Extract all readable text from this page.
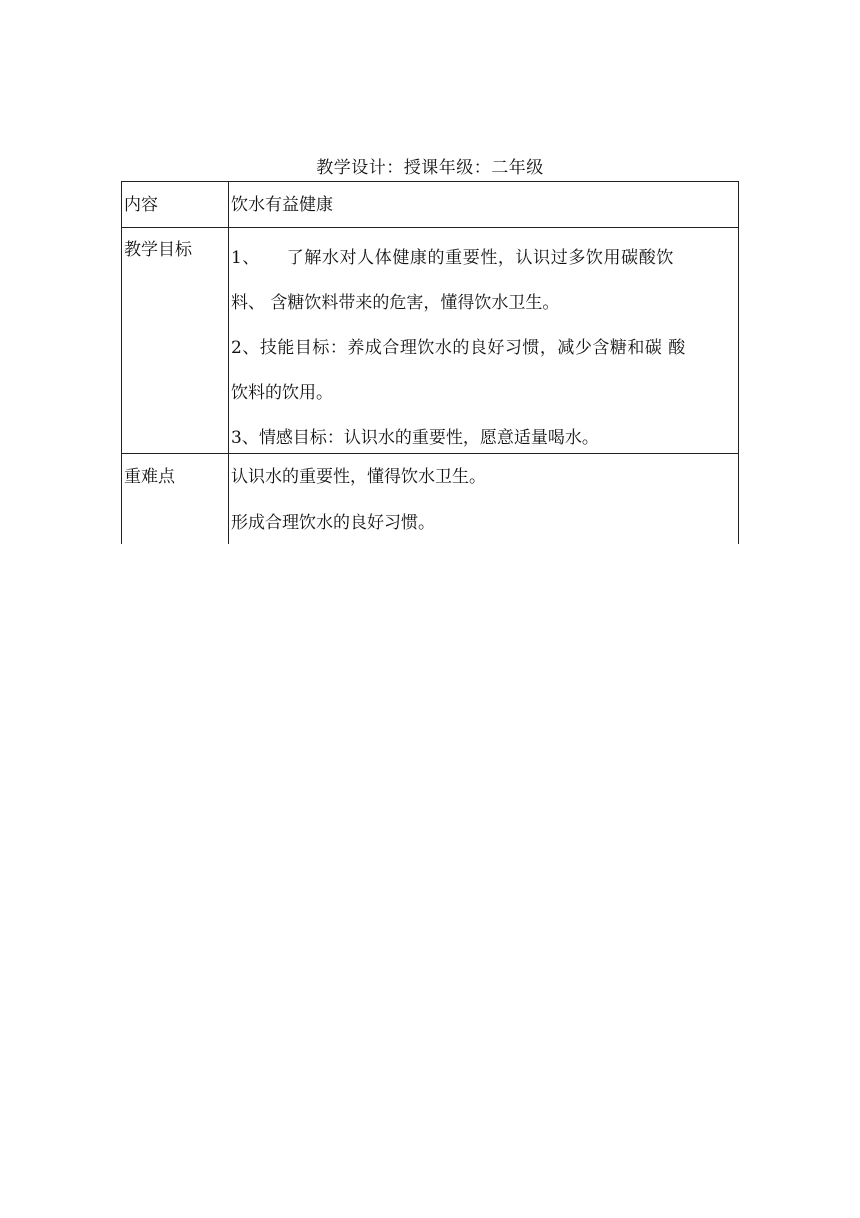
教学设计：授课年级：二年级
内容	饮水有益健康
教学目标 1、　　了解水对人体健康的重要性，认识过多饮用碳酸饮
料、 含糖饮料带来的危害，懂得饮水卫生。
2、技能目标：养成合理饮水的良好习惯，减少含糖和碳 酸
饮料的饮用。
3、情感目标：认识水的重要性，愿意适量喝水。
重难点	认识水的重要性，懂得饮水卫生。
形成合理饮水的良好习惯。
